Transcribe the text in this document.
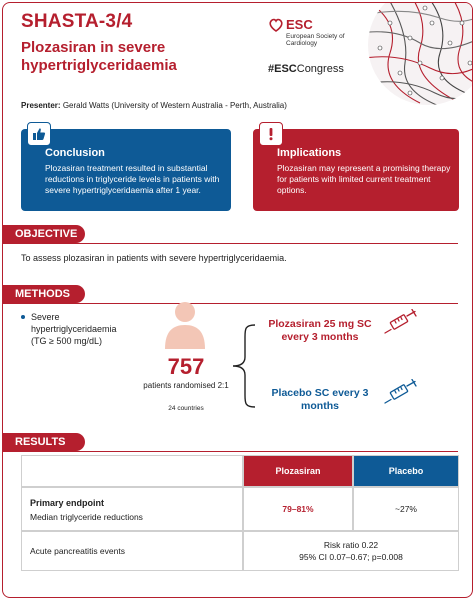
SHASTA-3/4
Plozasiran in severe hypertriglyceridaemia
ESC
European Society of Cardiology
#ESCCongress
Presenter: Gerald Watts (University of Western Australia - Perth, Australia)
Conclusion
Plozasiran treatment resulted in substantial reductions in triglyceride levels in patients with severe hypertriglyceridaemia after 1 year.
Implications
Plozasiran may represent a promising therapy for patients with limited current treatment options.
OBJECTIVE
To assess plozasiran in patients with severe hypertriglyceridaemia.
METHODS
Severe hypertriglyceridaemia (TG ≥ 500 mg/dL)
757
patients randomised 2:1
24 countries
Plozasiran 25 mg SC every 3 months
Placebo SC every 3 months
RESULTS
Plozasiran	Placebo
Primary endpoint
Median triglyceride reductions
79–81%	~27%
Acute pancreatitis events
Risk ratio 0.22
95% CI 0.07–0.67; p=0.008
